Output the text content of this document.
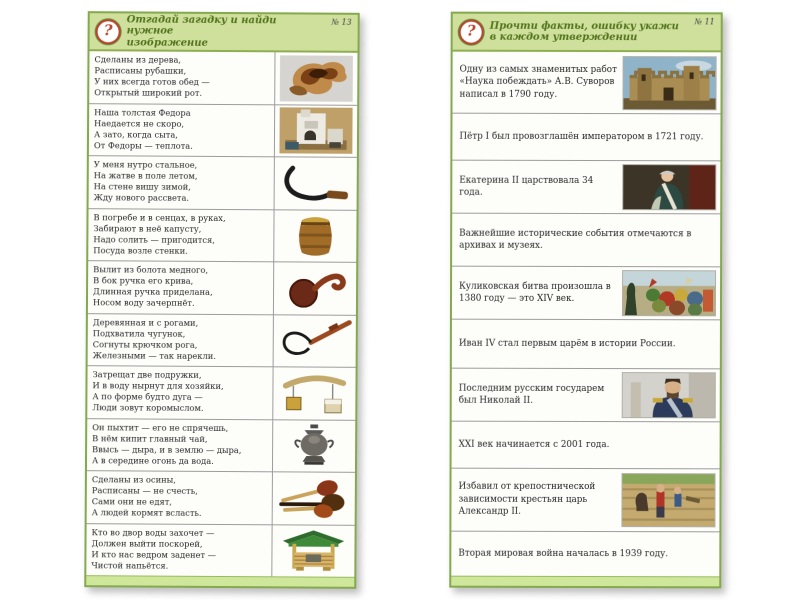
?
Отгадай загадку и найди нужное
изображение
№ 13
Сделаны из дерева,
Расписаны рубашки,
У них всегда готов обед —
Открытый широкий рот.
Наша толстая Федора
Наедается не скоро,
А зато, когда сыта,
От Федоры — теплота.
У меня нутро стальное,
На жатве в поле летом,
На стене вишу зимой,
Жду нового рассвета.
В погребе и в сенцах, в руках,
Забирают в неё капусту,
Надо солить — пригодится,
Посуда возле стенки.
Вылит из болота медного,
В бок ручка его крива,
Длинная ручка приделана,
Носом воду зачерпнёт.
Деревянная и с рогами,
Подхватила чугунок,
Согнуты крючком рога,
Железными — так нарекли.
Затрещат две подружки,
И в воду нырнут для хозяйки,
А по форме будто дуга —
Люди зовут коромыслом.
Он пыхтит — его не спрячешь,
В нём кипит главный чай,
Ввысь — дыра, и в землю — дыра,
А в середине огонь да вода.
Сделаны из осины,
Расписаны — не счесть,
Сами они не едят,
А людей кормят всласть.
Кто во двор воды захочет —
Должен выйти поскорей,
И кто нас ведром заденет —
Чистой напьётся.
?	Прочти факты, ошибку укажи
в каждом утверждении
№ 11
Одну из самых знаменитых работ «Наука побеждать» А.В. Суворов написал в 1790 году.
Пётр I был провозглашён императором в 1721 году.
Екатерина II царствовала 34 года.
Важнейшие исторические события отмечаются в архивах и музеях.
Куликовская битва произошла в 1380 году — это XIV век.
Иван IV стал первым царём в истории России.
Последним русским государем был Николай II.
XXI век начинается с 2001 года.
Избавил от крепостнической зависимости крестьян царь Александр II.
Вторая мировая война началась в 1939 году.
